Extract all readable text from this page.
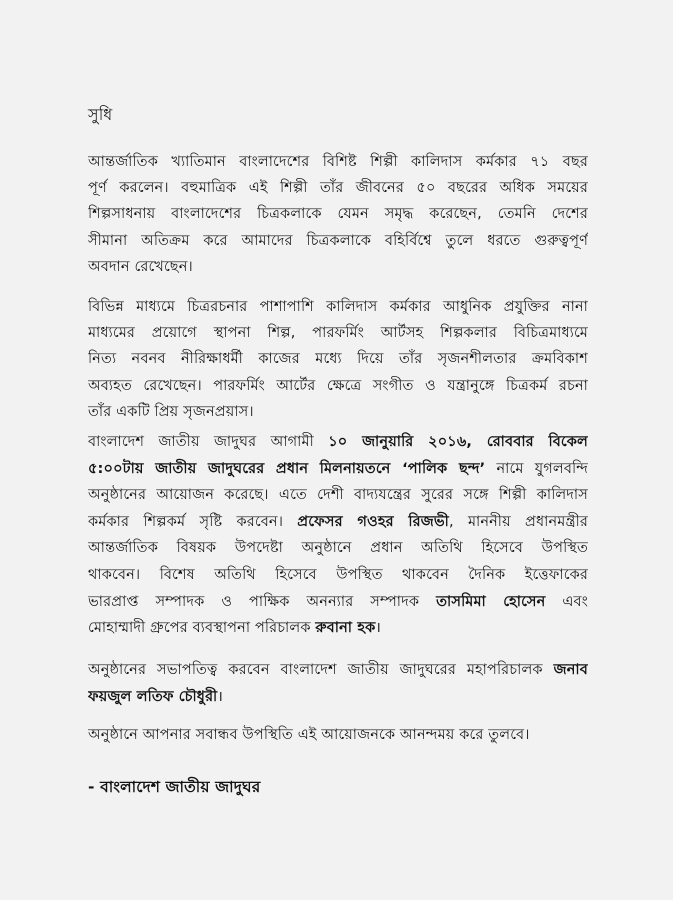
সুধি

আন্তর্জাতিক খ্যাতিমান বাংলাদেশের বিশিষ্ট শিল্পী কালিদাস কর্মকার ৭১ বছর
পূর্ণ করলেন। বহুমাত্রিক এই শিল্পী তাঁর জীবনের ৫০ বছরের অধিক সময়ের
শিল্পসাধনায় বাংলাদেশের চিত্রকলাকে যেমন সমৃদ্ধ করেছেন, তেমনি দেশের
সীমানা অতিক্রম করে আমাদের চিত্রকলাকে বহির্বিশ্বে তুলে ধরতে গুরুত্বপূর্ণ
অবদান রেখেছেন।

বিভিন্ন মাধ্যমে চিত্ররচনার পাশাপাশি কালিদাস কর্মকার আধুনিক প্রযুক্তির নানা
মাধ্যমের প্রয়োগে স্থাপনা শিল্প, পারফর্মিং আর্টসহ শিল্পকলার বিচিত্রমাধ্যমে
নিত্য নবনব নীরিক্ষাধর্মী কাজের মধ্যে দিয়ে তাঁর সৃজনশীলতার ক্রমবিকাশ
অব্যহত রেখেছেন। পারফর্মিং আর্টের ক্ষেত্রে সংগীত ও যন্ত্রানুঙ্গে চিত্রকর্ম রচনা
তাঁর একটি প্রিয় সৃজনপ্রয়াস।

বাংলাদেশ জাতীয় জাদুঘর আগামী ১০ জানুয়ারি ২০১৬, রোববার বিকেল
৫:০০টায় জাতীয় জাদুঘরের প্রধান মিলনায়তনে ‘পালিক ছন্দ’ নামে যুগলবন্দি
অনুষ্ঠানের আয়োজন করেছে। এতে দেশী বাদ্যযন্ত্রের সুরের সঙ্গে শিল্পী কালিদাস
কর্মকার শিল্পকর্ম সৃষ্টি করবেন। প্রফেসর গওহর রিজভী, মাননীয় প্রধানমন্ত্রীর
আন্তর্জাতিক বিষয়ক উপদেষ্টা অনুষ্ঠানে প্রধান অতিথি হিসেবে উপস্থিত
থাকবেন। বিশেষ অতিথি হিসেবে উপস্থিত থাকবেন দৈনিক ইত্তেফাকের
ভারপ্রাপ্ত সম্পাদক ও পাক্ষিক অনন্যার সম্পাদক তাসমিমা হোসেন এবং
মোহাম্মাদী গ্রুপের ব্যবস্থাপনা পরিচালক রুবানা হক।

অনুষ্ঠানের সভাপতিত্ব করবেন বাংলাদেশ জাতীয় জাদুঘরের মহাপরিচালক জনাব
ফয়জুল লতিফ চৌধুরী।

অনুষ্ঠানে আপনার সবান্ধব উপস্থিতি এই আয়োজনকে আনন্দময় করে তুলবে।

- বাংলাদেশ জাতীয় জাদুঘর
